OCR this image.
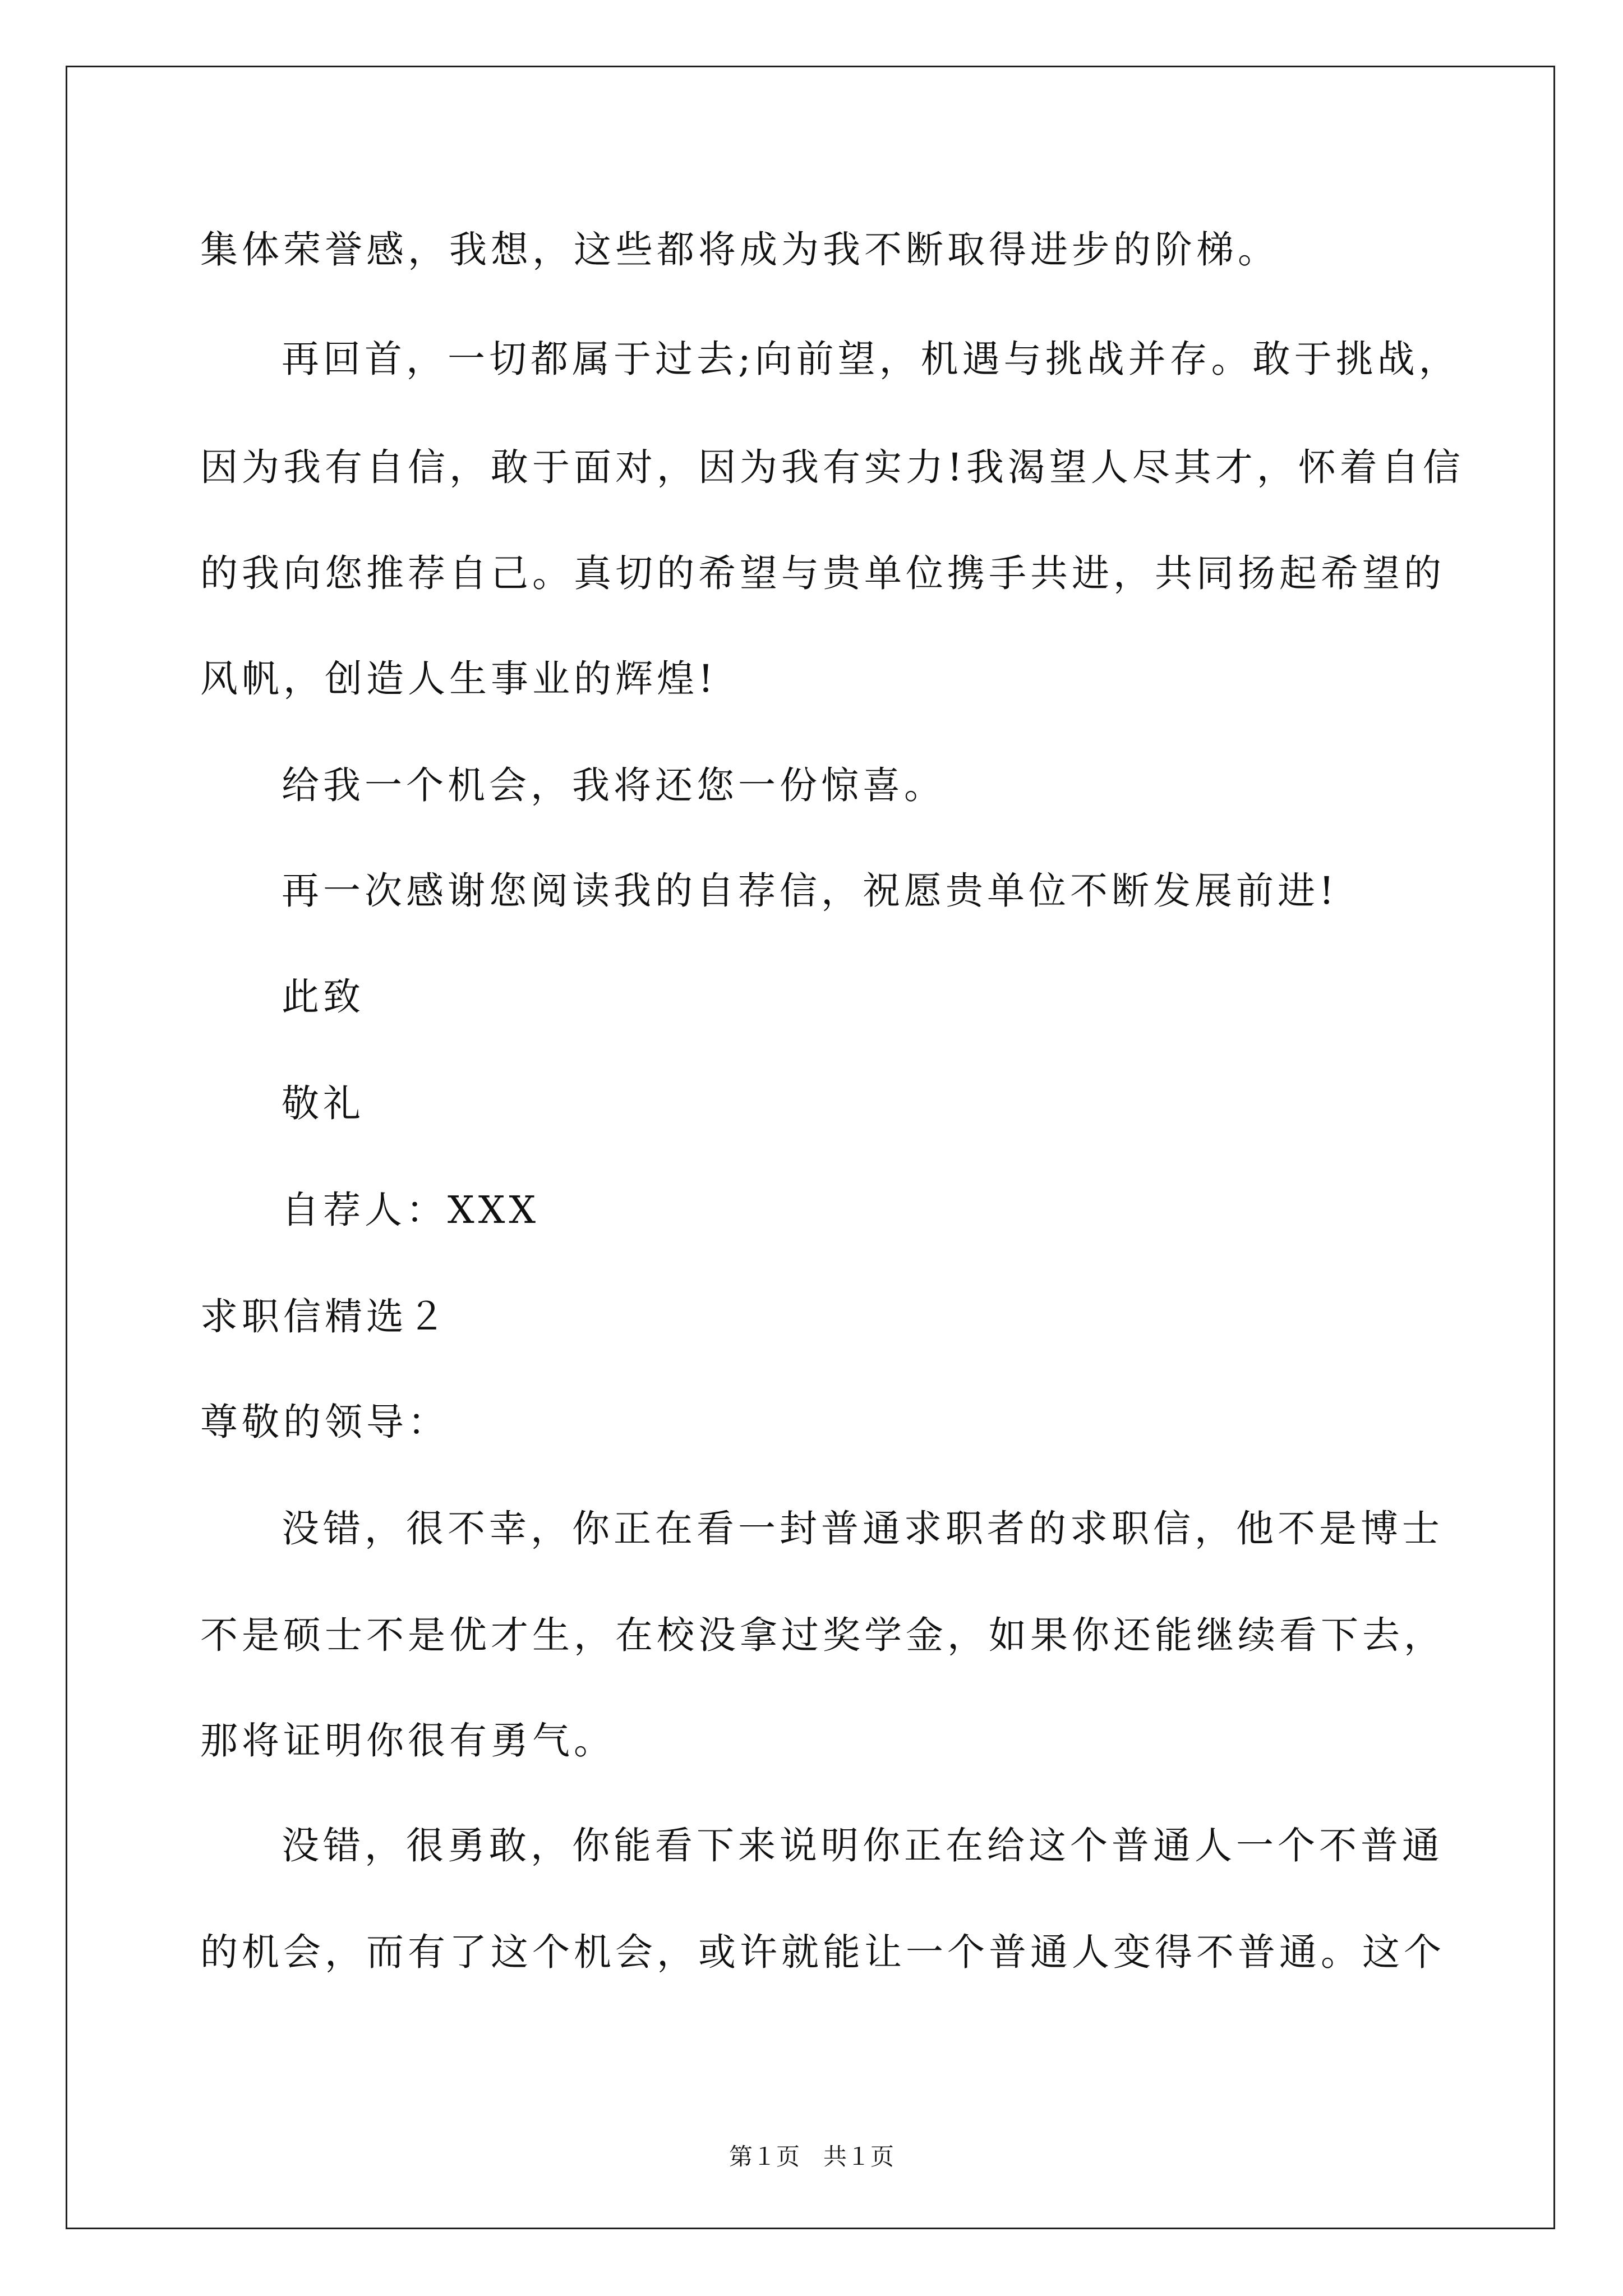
集体荣誉感，我想，这些都将成为我不断取得进步的阶梯。
再回首，一切都属于过去;向前望，机遇与挑战并存。敢于挑战，
因为我有自信，敢于面对，因为我有实力!我渴望人尽其才，怀着自信
的我向您推荐自己。真切的希望与贵单位携手共进，共同扬起希望的
风帆，创造人生事业的辉煌!
给我一个机会，我将还您一份惊喜。
再一次感谢您阅读我的自荐信，祝愿贵单位不断发展前进!
此致
敬礼
自荐人：XXX
求职信精选２
尊敬的领导：
没错，很不幸，你正在看一封普通求职者的求职信，他不是博士
不是硕士不是优才生，在校没拿过奖学金，如果你还能继续看下去，
那将证明你很有勇气。
没错，很勇敢，你能看下来说明你正在给这个普通人一个不普通
的机会，而有了这个机会，或许就能让一个普通人变得不普通。这个
第１页　共１页
